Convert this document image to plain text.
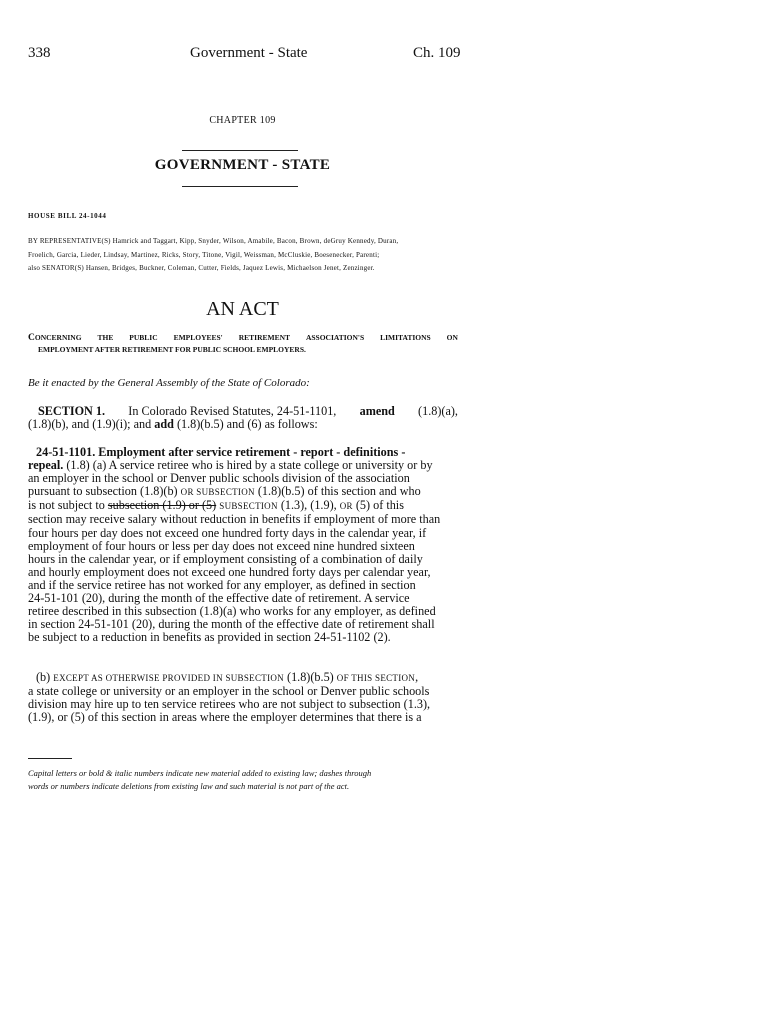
338	Government - State	Ch. 109
CHAPTER 109
GOVERNMENT - STATE
HOUSE BILL 24-1044
BY REPRESENTATIVE(S) Hamrick and Taggart, Kipp, Snyder, Wilson, Amabile, Bacon, Brown, deGruy Kennedy, Duran,
Froelich, Garcia, Lieder, Lindsay, Martinez, Ricks, Story, Titone, Vigil, Weissman, McCluskie, Boesenecker, Parenti;
also SENATOR(S) Hansen, Bridges, Buckner, Coleman, Cutter, Fields, Jaquez Lewis, Michaelson Jenet, Zenzinger.
AN ACT
CONCERNING THE PUBLIC EMPLOYEES' RETIREMENT ASSOCIATION'S LIMITATIONS ON
EMPLOYMENT AFTER RETIREMENT FOR PUBLIC SCHOOL EMPLOYERS.
Be it enacted by the General Assembly of the State of Colorado:
SECTION 1. In Colorado Revised Statutes, 24-51-1101, amend (1.8)(a),
(1.8)(b), and (1.9)(i); and
add
(1.8)(b.5) and (6) as follows:
24-51-1101. Employment after service retirement - report - definitions -
repeal. (1.8) (a) A service retiree who is hired by a state college or university or by
an employer in the school or Denver public schools division of the association
pursuant to subsection (1.8)(b) OR SUBSECTION (1.8)(b.5) of this section and who
is not subject to subsection (1.9) or (5) SUBSECTION (1.3), (1.9), OR (5) of this
section may receive salary without reduction in benefits if employment of more than
four hours per day does not exceed one hundred forty days in the calendar year, if
employment of four hours or less per day does not exceed nine hundred sixteen
hours in the calendar year, or if employment consisting of a combination of daily
and hourly employment does not exceed one hundred forty days per calendar year,
and if the service retiree has not worked for any employer, as defined in section
24-51-101 (20), during the month of the effective date of retirement. A service
retiree described in this subsection (1.8)(a) who works for any employer, as defined
in section 24-51-101 (20), during the month of the effective date of retirement shall
be subject to a reduction in benefits as provided in section 24-51-1102 (2).
(b) EXCEPT AS OTHERWISE PROVIDED IN SUBSECTION (1.8)(b.5) OF THIS SECTION,
a state college or university or an employer in the school or Denver public schools
division may hire up to ten service retirees who are not subject to subsection (1.3),
(1.9), or (5) of this section in areas where the employer determines that there is a
Capital letters or bold & italic numbers indicate new material added to existing law; dashes through
words or numbers indicate deletions from existing law and such material is not part of the act.
